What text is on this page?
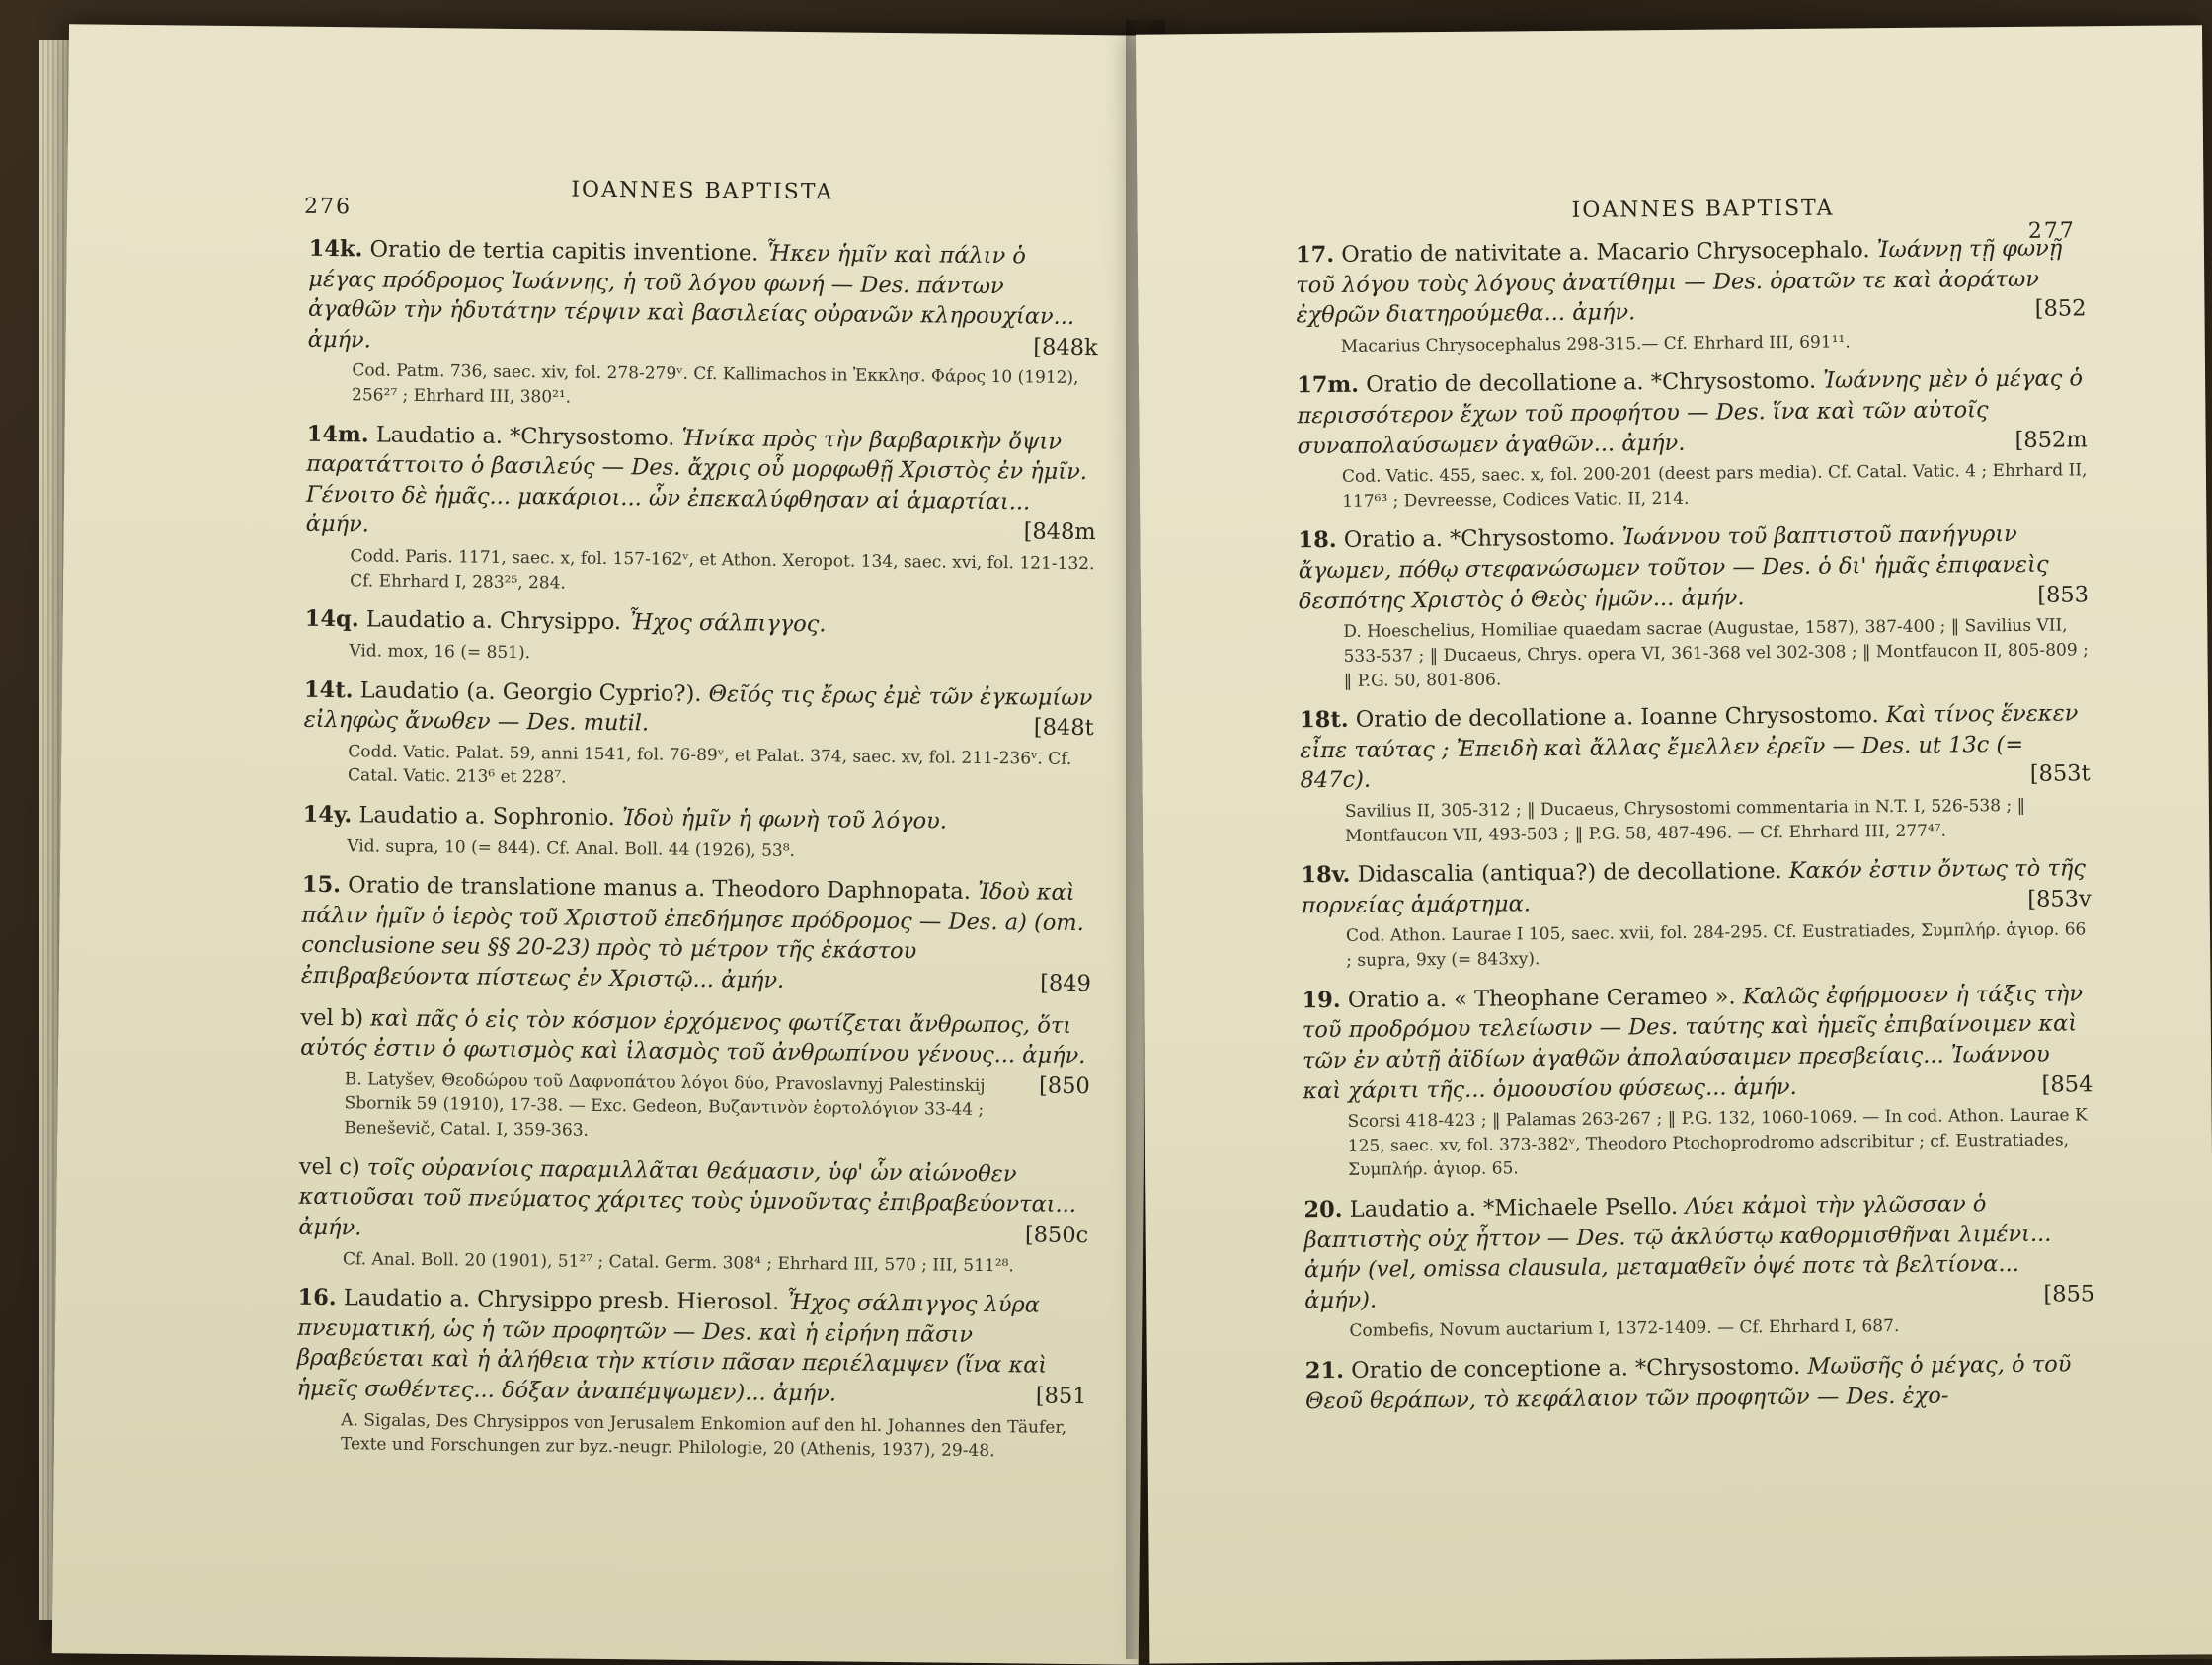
276
IOANNES BAPTISTA
14k. Oratio de tertia capitis inventione. Ἧκεν ἡμῖν καὶ πάλιν ὁ μέγας πρόδρομος Ἰωάννης, ἡ τοῦ λόγου φωνή — Des. πάντων ἀγαθῶν τὴν ἡδυτάτην τέρψιν καὶ βασιλείας οὐρανῶν κληρουχίαν... ἀμήν.	[848k
Cod. Patm. 736, saec. xiv, fol. 278-279ᵛ. Cf. Kallimachos in Ἐκκλησ. Φάρος 10 (1912), 256²⁷ ; Ehrhard III, 380²¹.
14m. Laudatio a. *Chrysostomo. Ἡνίκα πρὸς τὴν βαρβαρικὴν ὄψιν παρατάττοιτο ὁ βασιλεύς — Des. ἄχρις οὗ μορφωθῇ Χριστὸς ἐν ἡμῖν. Γένοιτο δὲ ἡμᾶς... μακάριοι... ὧν ἐπεκαλύφθησαν αἱ ἁμαρτίαι... ἀμήν.	[848m
Codd. Paris. 1171, saec. x, fol. 157-162ᵛ, et Athon. Xeropot. 134, saec. xvi, fol. 121-132. Cf. Ehrhard I, 283²⁵, 284.
14q. Laudatio a. Chrysippo. Ἦχος σάλπιγγος.
Vid. mox, 16 (= 851).
14t. Laudatio (a. Georgio Cyprio?). Θεῖός τις ἔρως ἐμὲ τῶν ἐγκωμίων εἰληφὼς ἄνωθεν — Des. mutil.	[848t
Codd. Vatic. Palat. 59, anni 1541, fol. 76-89ᵛ, et Palat. 374, saec. xv, fol. 211-236ᵛ. Cf. Catal. Vatic. 213⁶ et 228⁷.
14y. Laudatio a. Sophronio. Ἰδοὺ ἡμῖν ἡ φωνὴ τοῦ λόγου.
Vid. supra, 10 (= 844). Cf. Anal. Boll. 44 (1926), 53⁸.
15. Oratio de translatione manus a. Theodoro Daphnopata. Ἰδοὺ καὶ πάλιν ἡμῖν ὁ ἱερὸς τοῦ Χριστοῦ ἐπεδήμησε πρόδρομος — Des. a) (om. conclusione seu §§ 20-23) πρὸς τὸ μέτρον τῆς ἑκάστου ἐπιβραβεύοντα πίστεως ἐν Χριστῷ... ἀμήν.	[849
vel b) καὶ πᾶς ὁ εἰς τὸν κόσμον ἐρχόμενος φωτίζεται ἄνθρωπος, ὅτι αὐτός ἐστιν ὁ φωτισμὸς καὶ ἱλασμὸς τοῦ ἀνθρωπίνου γένους... ἀμήν.
[850
B. Latyšev, Θεοδώρου τοῦ Δαφνοπάτου λόγοι δύο, Pravoslavnyj Palestinskij Sbornik 59 (1910), 17-38. — Exc. Gedeon, Βυζαντινὸν ἑορτολόγιον 33-44 ; Beneševič, Catal. I, 359-363.
vel c) τοῖς οὐρανίοις παραμιλλᾶται θεάμασιν, ὑφ' ὧν αἰώνοθεν κατιοῦσαι τοῦ πνεύματος χάριτες τοὺς ὑμνοῦντας ἐπιβραβεύονται... ἀμήν.	[850c
Cf. Anal. Boll. 20 (1901), 51²⁷ ; Catal. Germ. 308⁴ ; Ehrhard III, 570 ; III, 511²⁸.
16. Laudatio a. Chrysippo presb. Hierosol. Ἦχος σάλπιγγος λύρα πνευματική, ὡς ἡ τῶν προφητῶν — Des. καὶ ἡ εἰρήνη πᾶσιν βραβεύεται καὶ ἡ ἀλήθεια τὴν κτίσιν πᾶσαν περιέλαμψεν (ἵνα καὶ ἡμεῖς σωθέντες... δόξαν ἀναπέμψωμεν)... ἀμήν.	[851
A. Sigalas, Des Chrysippos von Jerusalem Enkomion auf den hl. Johannes den Täufer, Texte und Forschungen zur byz.-neugr. Philologie, 20 (Athenis, 1937), 29-48.
IOANNES BAPTISTA
277
17. Oratio de nativitate a. Macario Chrysocephalo. Ἰωάννῃ τῇ φωνῇ τοῦ λόγου τοὺς λόγους ἀνατίθημι — Des. ὁρατῶν τε καὶ ἀοράτων ἐχθρῶν διατηρούμεθα... ἀμήν.	[852
Macarius Chrysocephalus 298-315.— Cf. Ehrhard III, 691¹¹.
17m. Oratio de decollatione a. *Chrysostomo. Ἰωάννης μὲν ὁ μέγας ὁ περισσότερον ἔχων τοῦ προφήτου — Des. ἵνα καὶ τῶν αὐτοῖς συναπολαύσωμεν ἀγαθῶν... ἀμήν.	[852m
Cod. Vatic. 455, saec. x, fol. 200-201 (deest pars media). Cf. Catal. Vatic. 4 ; Ehrhard II, 117⁶³ ; Devreesse, Codices Vatic. II, 214.
18. Oratio a. *Chrysostomo. Ἰωάννου τοῦ βαπτιστοῦ πανήγυριν ἄγωμεν, πόθῳ στεφανώσωμεν τοῦτον — Des. ὁ δι' ἡμᾶς ἐπιφανεὶς δεσπότης Χριστὸς ὁ Θεὸς ἡμῶν... ἀμήν.	[853
D. Hoeschelius, Homiliae quaedam sacrae (Augustae, 1587), 387-400 ; ‖ Savilius VII, 533-537 ; ‖ Ducaeus, Chrys. opera VI, 361-368 vel 302-308 ; ‖ Montfaucon II, 805-809 ; ‖ P.G. 50, 801-806.
18t. Oratio de decollatione a. Ioanne Chrysostomo. Καὶ τίνος ἕνεκεν εἶπε ταύτας ; Ἐπειδὴ καὶ ἄλλας ἔμελλεν ἐρεῖν — Des. ut 13c (= 847c).	[853t
Savilius II, 305-312 ; ‖ Ducaeus, Chrysostomi commentaria in N.T. I, 526-538 ; ‖ Montfaucon VII, 493-503 ; ‖ P.G. 58, 487-496. — Cf. Ehrhard III, 277⁴⁷.
18v. Didascalia (antiqua?) de decollatione. Κακόν ἐστιν ὄντως τὸ τῆς πορνείας ἁμάρτημα.	[853v
Cod. Athon. Laurae I 105, saec. xvii, fol. 284-295. Cf. Eustratiades, Συμπλήρ. ἁγιορ. 66 ; supra, 9xy (= 843xy).
19. Oratio a. « Theophane Cerameo ». Καλῶς ἐφήρμοσεν ἡ τάξις τὴν τοῦ προδρόμου τελείωσιν — Des. ταύτης καὶ ἡμεῖς ἐπιβαίνοιμεν καὶ τῶν ἐν αὐτῇ ἀϊδίων ἀγαθῶν ἀπολαύσαιμεν πρεσβείαις... Ἰωάννου καὶ χάριτι τῆς... ὁμοουσίου φύσεως... ἀμήν.	[854
Scorsi 418-423 ; ‖ Palamas 263-267 ; ‖ P.G. 132, 1060-1069. — In cod. Athon. Laurae K 125, saec. xv, fol. 373-382ᵛ, Theodoro Ptochoprodromo adscribitur ; cf. Eustratiades, Συμπλήρ. ἁγιορ. 65.
20. Laudatio a. *Michaele Psello. Λύει κἀμοὶ τὴν γλῶσσαν ὁ βαπτιστὴς οὐχ ἧττον — Des. τῷ ἀκλύστῳ καθορμισθῆναι λιμένι... ἀμήν (vel, omissa clausula, μεταμαθεῖν ὀψέ ποτε τὰ βελτίονα... ἀμήν).	[855
Combefis, Novum auctarium I, 1372-1409. — Cf. Ehrhard I, 687.
21. Oratio de conceptione a. *Chrysostomo. Μωϋσῆς ὁ μέγας, ὁ τοῦ Θεοῦ θεράπων, τὸ κεφάλαιον τῶν προφητῶν — Des. ἐχο-
